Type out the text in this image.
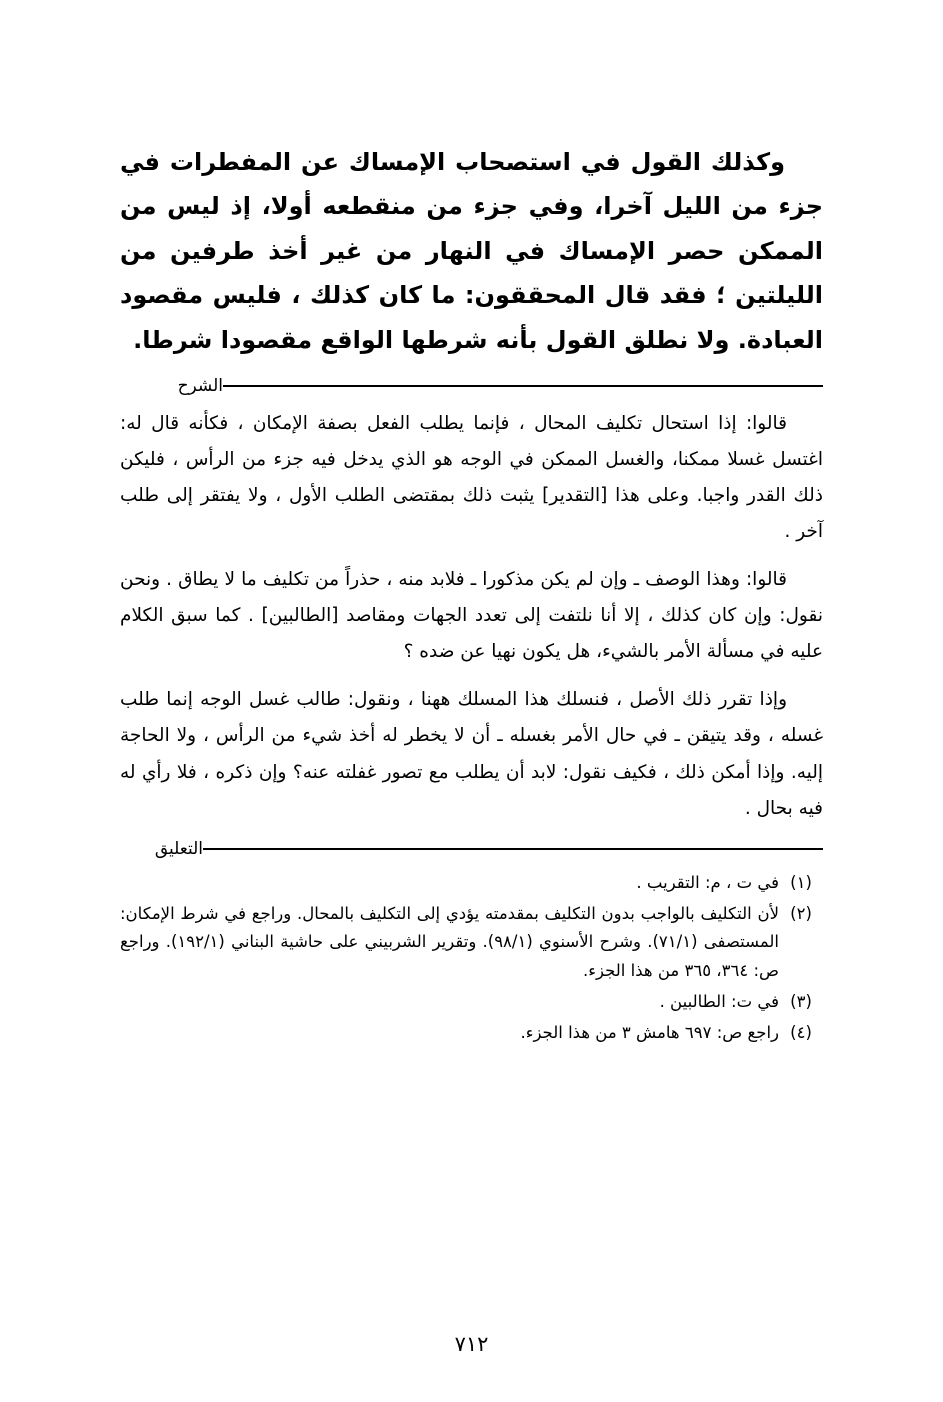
وكذلك القول في استصحاب الإمساك عن المفطرات في جزء من الليل آخرا، وفي جزء من منقطعه أولا، إذ ليس من الممكن حصر الإمساك في النهار من غير أخذ طرفين من الليلتين ؛ فقد قال المحققون: ما كان كذلك ، فليس مقصود العبادة. ولا نطلق القول بأنه شرطها الواقع مقصودا شرطا.
الشرح

قالوا: إذا استحال تكليف المحال ، فإنما يطلب الفعل بصفة الإمكان ، فكأنه قال له: اغتسل غسلا ممكنا، والغسل الممكن في الوجه هو الذي يدخل فيه جزء من الرأس ، فليكن ذلك القدر واجبا. وعلى هذا [التقدير] يثبت ذلك بمقتضى الطلب الأول ، ولا يفتقر إلى طلب آخر .

قالوا: وهذا الوصف ـ وإن لم يكن مذكورا ـ فلابد منه ، حذراً من تكليف ما لا يطاق . ونحن نقول: وإن كان كذلك ، إلا أنا نلتفت إلى تعدد الجهات ومقاصد [الطالبين] . كما سبق الكلام عليه في مسألة الأمر بالشيء، هل يكون نهيا عن ضده ؟

وإذا تقرر ذلك الأصل ، فنسلك هذا المسلك ههنا ، ونقول: طالب غسل الوجه إنما طلب غسله ، وقد يتيقن ـ في حال الأمر بغسله ـ أن لا يخطر له أخذ شيء من الرأس ، ولا الحاجة إليه. وإذا أمكن ذلك ، فكيف نقول: لابد أن يطلب مع تصور غفلته عنه؟ وإن ذكره ، فلا رأي له فيه بحال .

التعليق
(١)
في ت ، م: التقريب .
(٢)
لأن التكليف بالواجب بدون التكليف بمقدمته يؤدي إلى التكليف بالمحال. وراجع في شرط الإمكان: المستصفى (٧١/١). وشرح الأسنوي (٩٨/١). وتقرير الشربيني على حاشية البناني (١٩٢/١). وراجع ص: ٣٦٤، ٣٦٥ من هذا الجزء.
(٣)
في ت: الطالبين .
(٤)
راجع ص: ٦٩٧ هامش ٣ من هذا الجزء.
٧١٢
